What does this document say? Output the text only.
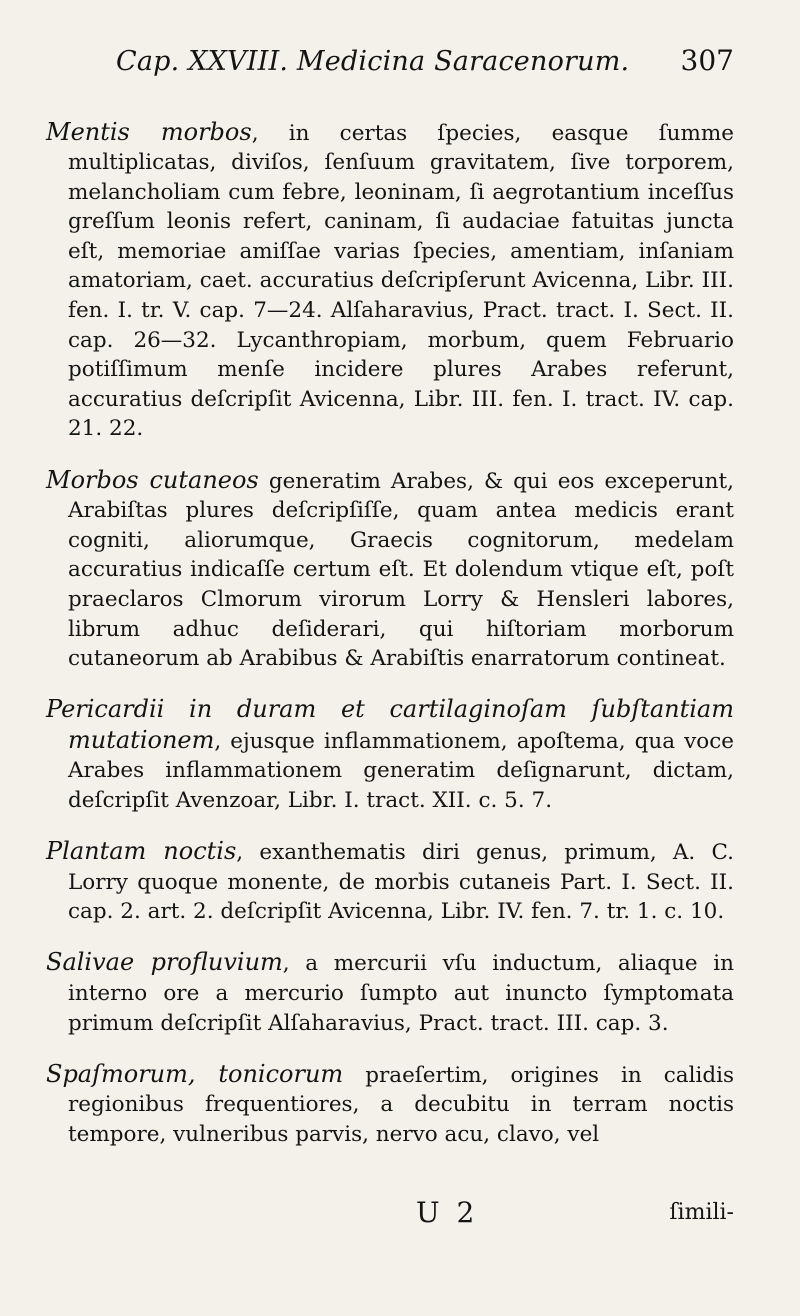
Cap. XXVIII. Medicina Saracenorum. 307

Mentis morbos, in certas ſpecies, easque ſumme multiplicatas, diviſos, ſenſuum gravitatem, ſive torporem, melancholiam cum febre, leoninam, ſi aegrotantium inceſſus greſſum leonis refert, caninam, ſi audaciae fatuitas juncta eſt, memoriae amiſſae varias ſpecies, amentiam, inſaniam amatoriam, caet. accuratius deſcripſerunt Avicenna, Libr. III. fen. I. tr. V. cap. 7—24. Alſaharavius, Pract. tract. I. Sect. II. cap. 26—32. Lycanthropiam, morbum, quem Februario potiſſimum menſe incidere plures Arabes referunt, accuratius deſcripſit Avicenna, Libr. III. fen. I. tract. IV. cap. 21. 22.

Morbos cutaneos generatim Arabes, & qui eos exceperunt, Arabiſtas plures deſcripſiſſe, quam antea medicis erant cogniti, aliorumque, Graecis cognitorum, medelam accuratius indicaſſe certum eſt. Et dolendum vtique eſt, poſt praeclaros Clmorum virorum Lorry & Hensleri labores, librum adhuc deſiderari, qui hiſtoriam morborum cutaneorum ab Arabibus & Arabiſtis enarratorum contineat.

Pericardii in duram et cartilaginoſam ſubſtantiam mutationem, ejusque inflammationem, apoſtema, qua voce Arabes inflammationem generatim deſignarunt, dictam, deſcripſit Avenzoar, Libr. I. tract. XII. c. 5. 7.

Plantam noctis, exanthematis diri genus, primum, A. C. Lorry quoque monente, de morbis cutaneis Part. I. Sect. II. cap. 2. art. 2. deſcripſit Avicenna, Libr. IV. fen. 7. tr. 1. c. 10.

Salivae profluvium, a mercurii vſu inductum, aliaque in interno ore a mercurio ſumpto aut inuncto ſymptomata primum deſcripſit Alſaharavius, Pract. tract. III. cap. 3.

Spaſmorum, tonicorum praeſertim, origines in calidis regionibus frequentiores, a decubitu in terram noctis tempore, vulneribus parvis, nervo acu, clavo, vel

U 2	ſimili-
